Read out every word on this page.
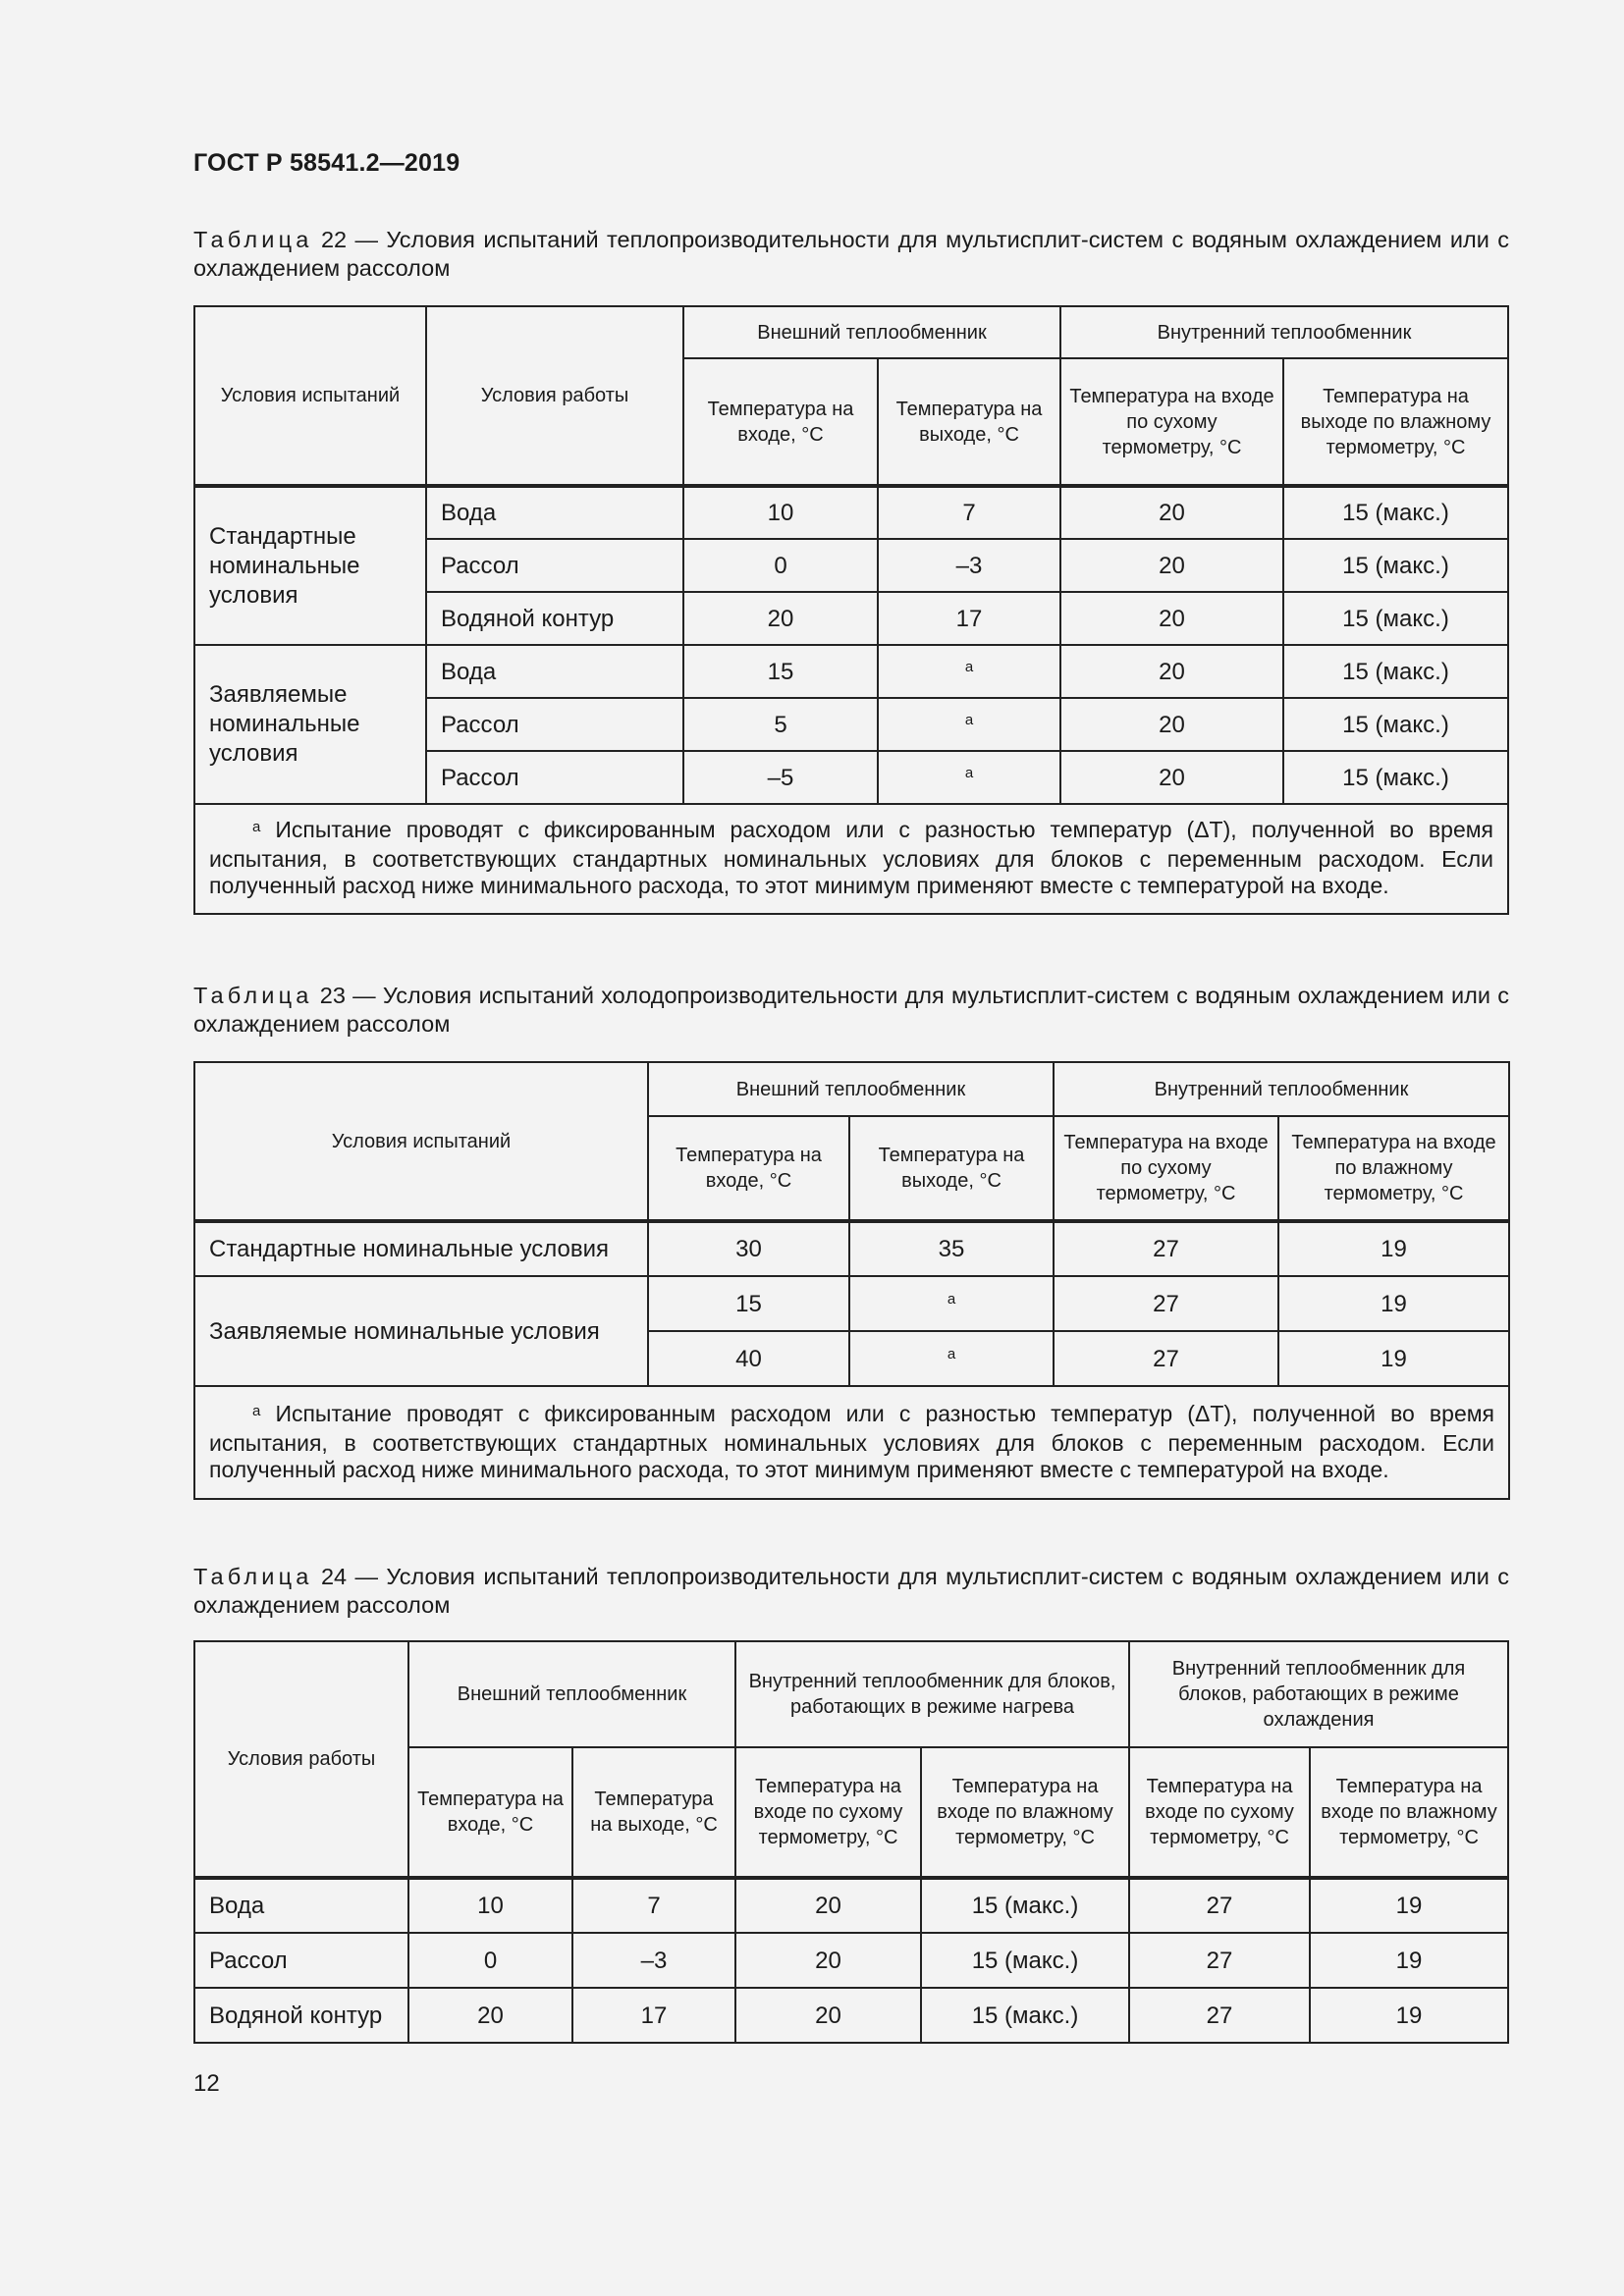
ГОСТ Р 58541.2—2019
Таблица 22 — Условия испытаний теплопроизводительности для мультисплит-систем с водяным охлаждением или с охлаждением рассолом
Условия испытаний	Условия работы	Внешний теплообменник		Внутренний теплообменник	
		Температура на входе, °С	Температура на выходе, °С	Температура на входе по сухому термометру, °С	Температура на выходе по влажному термометру, °С
Стандартные номинальные условия	Вода	10	7	20	15 (макс.)
	Рассол	0	–3	20	15 (макс.)
	Водяной контур	20	17	20	15 (макс.)
Заявляемые номинальные условия	Вода	15	$^а$	20	15 (макс.)
	Рассол	5	$^а$	20	15 (макс.)
	Рассол	–5	$^а$	20	15 (макс.)
$^а$ Испытание проводят с фиксированным расходом или с разностью температур (ΔT), полученной во время испытания, в соответствующих стандартных номинальных условиях для блоков с переменным расходом. Если полученный расход ниже минимального расхода, то этот минимум применяют вместе с температурой на входе.					
Таблица 23 — Условия испытаний холодопроизводительности для мультисплит-систем с водяным охлаждением или с охлаждением рассолом
Условия испытаний	Внешний теплообменник		Внутренний теплообменник	
	Температура на входе, °С	Температура на выходе, °С	Температура на входе по сухому термометру, °С	Температура на входе по влажному термометру, °С
Стандартные номинальные условия	30	35	27	19
Заявляемые номинальные условия	15	$^а$	27	19
	40	$^а$	27	19
$^а$ Испытание проводят с фиксированным расходом или с разностью температур (ΔT), полученной во время испытания, в соответствующих стандартных номинальных условиях для блоков с переменным расходом. Если полученный расход ниже минимального расхода, то этот минимум применяют вместе с температурой на входе.				
Таблица 24 — Условия испытаний теплопроизводительности для мультисплит-систем с водяным охлаждением или с охлаждением рассолом
Условия работы	Внешний теплообменник		Внутренний теплообменник для блоков, работающих в режиме нагрева		Внутренний теплообменник для блоков, работающих в режиме охлаждения	
	Температура на входе, °С	Температура на выходе, °С	Температура на входе по сухому термометру, °С	Температура на входе по влажному термометру, °С	Температура на входе по сухому термометру, °С	Температура на входе по влажному термометру, °С
Вода	10	7	20	15 (макс.)	27	19
Рассол	0	–3	20	15 (макс.)	27	19
Водяной контур	20	17	20	15 (макс.)	27	19
12
